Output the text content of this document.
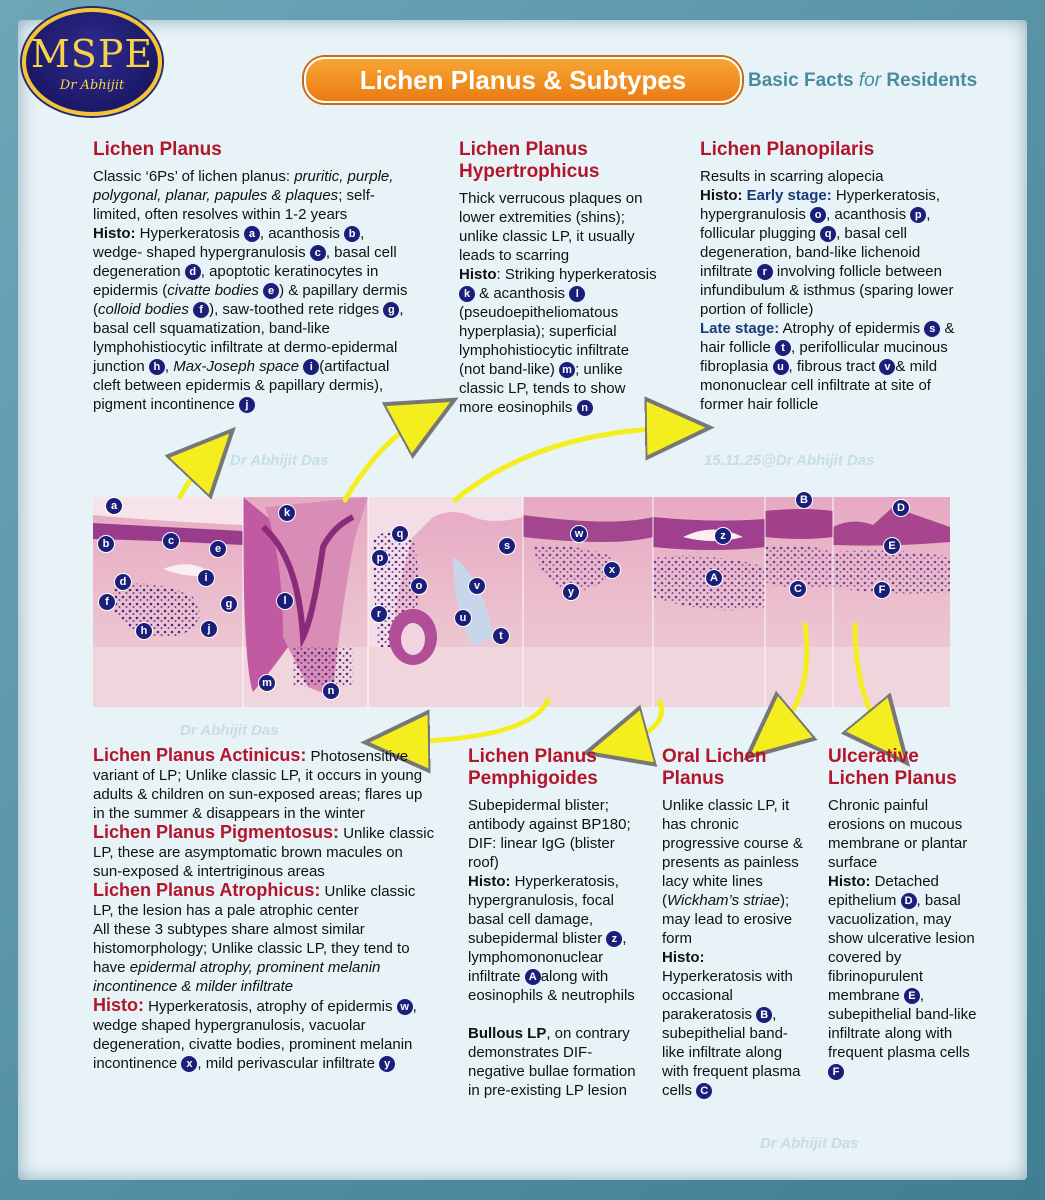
MSPE
Dr Abhijit	Lichen Planus & Subtypes	Basic Facts for Residents
Lichen Planus
Classic ‘6Ps’ of lichen planus: pruritic, purple, polygonal, planar, papules & plaques; self-limited, often resolves within 1-2 years
Histo: Hyperkeratosis a , acanthosis b , wedge- shaped hypergranulosis c , basal cell degeneration d , apoptotic keratinocytes in epidermis (civatte bodies e ) & papillary dermis (colloid bodies f ), saw-toothed rete ridges g , basal cell squamatization, band-like lymphohistiocytic infiltrate at dermo-epidermal junction h , Max-Joseph space i (artifactual cleft between epidermis & papillary dermis), pigment incontinence j
Lichen Planus
Hypertrophicus
Thick verrucous plaques on lower extremities (shins); unlike classic LP, it usually leads to scarring
Histo: Striking hyperkeratosis k & acanthosis l (pseudoepitheliomatous hyperplasia); superficial lymphohistiocytic infiltrate (not band-like) m ; unlike classic LP, tends to show more eosinophils n
Lichen Planopilaris
Results in scarring alopecia
Histo: Early stage: Hyperkeratosis, hypergranulosis o , acanthosis p , follicular plugging q , basal cell degeneration, band-like lichenoid infiltrate r involving follicle between infundibulum & isthmus (sparing lower portion of follicle)
Late stage: Atrophy of epidermis s & hair follicle t , perifollicular mucinous fibroplasia u , fibrous tract v & mild mononuclear cell infiltrate at site of former hair follicle
Dr Abhijit Das	15.11.25@Dr Abhijit Das
Dr Abhijit Das
Dr Abhijit Das
a
b	c
e
d	i
f	g
h	j
k
l
m
n
q
p
o
s
v
r	u
t
w
x
y
z
A
B
C
D
E
F
Lichen Planus Actinicus: Photosensitive variant of LP; Unlike classic LP, it occurs in young adults & children on sun-exposed areas; flares up in the summer & disappears in the winter
Lichen Planus Pigmentosus: Unlike classic LP, these are asymptomatic brown macules on sun-exposed & intertriginous areas
Lichen Planus Atrophicus: Unlike classic LP, the lesion has a pale atrophic center
All these 3 subtypes share almost similar histomorphology; Unlike classic LP, they tend to have epidermal atrophy, prominent melanin incontinence & milder infiltrate
Histo: Hyperkeratosis, atrophy of epidermis w , wedge shaped hypergranulosis, vacuolar degeneration, civatte bodies, prominent melanin incontinence x , mild perivascular infiltrate y
Lichen Planus
Pemphigoides
Subepidermal blister; antibody against BP180; DIF: linear IgG (blister roof)
Histo: Hyperkeratosis, hypergranulosis, focal basal cell damage, subepidermal blister z , lymphomononuclear infiltrate A along with eosinophils & neutrophils

Bullous LP, on contrary demonstrates DIF-negative bullae formation in pre-existing LP lesion
Oral Lichen
Planus
Unlike classic LP, it has chronic progressive course & presents as painless lacy white lines (Wickham’s striae); may lead to erosive form
Histo: Hyperkeratosis with occasional parakeratosis B , subepithelial band-like infiltrate along with frequent plasma cells C
Ulcerative
Lichen Planus
Chronic painful erosions on mucous membrane or plantar surface
Histo: Detached epithelium D , basal vacuolization, may show ulcerative lesion covered by fibrinopurulent membrane E , subepithelial band-like infiltrate along with frequent plasma cells F
